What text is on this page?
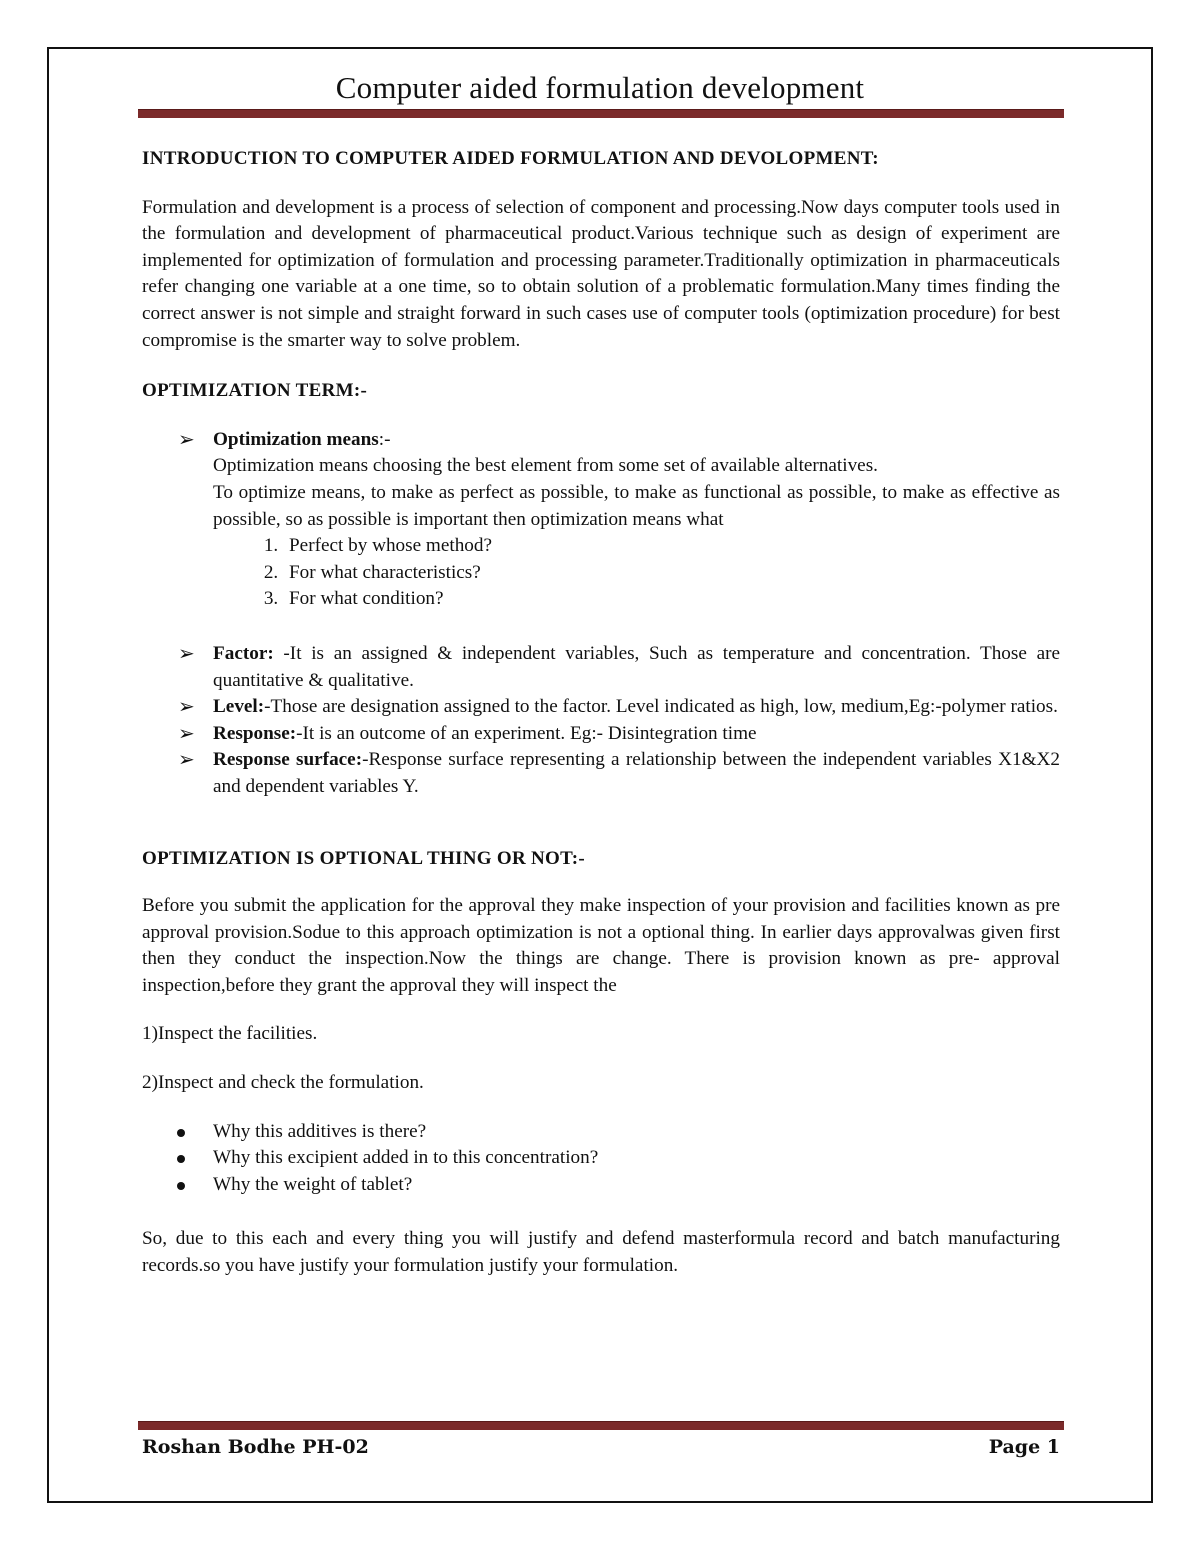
Computer aided formulation development

INTRODUCTION TO COMPUTER AIDED FORMULATION AND DEVOLOPMENT:

Formulation and development is a process of selection of component and processing.Now days computer tools used in the formulation and development of pharmaceutical product.Various technique such as design of experiment are implemented for optimization of formulation and processing parameter.Traditionally optimization in pharmaceuticals refer changing one variable at a one time, so to obtain solution of a problematic formulation.Many times finding the correct answer is not simple and straight forward in such cases use of computer tools (optimization procedure) for best compromise is the smarter way to solve problem.

OPTIMIZATION TERM:-

➢ Optimization means:-
Optimization means choosing the best element from some set of available alternatives.
To optimize means, to make as perfect as possible, to make as functional as possible, to make as effective as possible, so as possible is important then optimization means what
1. Perfect by whose method?
2. For what characteristics?
3. For what condition?
➢ Factor: -It is an assigned & independent variables, Such as temperature and concentration. Those are quantitative & qualitative.
➢ Level:-Those are designation assigned to the factor. Level indicated as high, low, medium,Eg:-polymer ratios.
➢ Response:-It is an outcome of an experiment. Eg:- Disintegration time
➢ Response surface:-Response surface representing a relationship between the independent variables X1&X2 and dependent variables Y.

OPTIMIZATION IS OPTIONAL THING OR NOT:-

Before you submit the application for the approval they make inspection of your provision and facilities known as pre approval provision.Sodue to this approach optimization is not a optional thing. In earlier days approvalwas given first then they conduct the inspection.Now the things are change. There is provision known as pre- approval inspection,before they grant the approval they will inspect the

1)Inspect the facilities.

2)Inspect and check the formulation.

Why this additives is there?
Why this excipient added in to this concentration?
Why the weight of tablet?

So, due to this each and every thing you will justify and defend masterformula record and batch manufacturing records.so you have justify your formulation justify your formulation.

Roshan Bodhe PH-02	Page 1
